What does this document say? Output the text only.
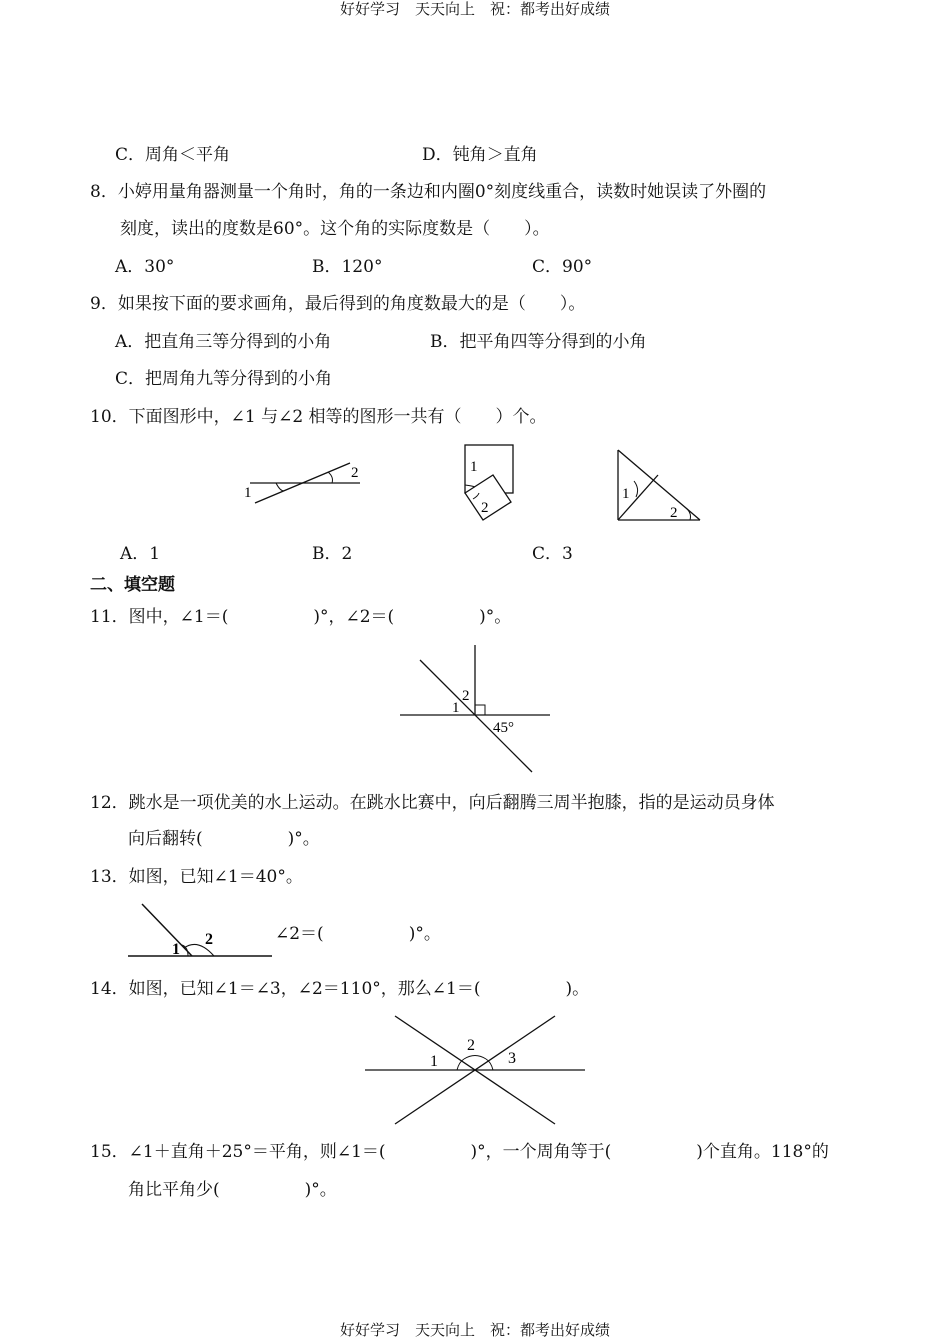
好好学习　天天向上　祝：都考出好成绩
C．周角＜平角	D．钝角＞直角
8．小婷用量角器测量一个角时，角的一条边和内圈0°刻度线重合，读数时她误读了外圈的
刻度，读出的度数是60°。这个角的实际度数是（　　）。
A．30°	B．120°	C．90°
9．如果按下面的要求画角，最后得到的角度数最大的是（　　）。
A．把直角三等分得到的小角	B．把平角四等分得到的小角
C．把周角九等分得到的小角
10．下面图形中，∠1 与∠2 相等的图形一共有（　　）个。
1
2	1
2
1
2
A．1	B．2	C．3
二、填空题
11．图中，∠1＝(　　　　　)°，∠2＝(　　　　　)°。
1
2
45°
12．跳水是一项优美的水上运动。在跳水比赛中，向后翻腾三周半抱膝，指的是运动员身体
向后翻转(　　　　　)°。
13．如图，已知∠1＝40°。
1
2	∠2＝(　　　　　)°。
14．如图，已知∠1＝∠3，∠2＝110°，那么∠1＝(　　　　　)。
1
2
3
15．∠1＋直角＋25°＝平角，则∠1＝(　　　　　)°，一个周角等于(　　　　　)个直角。118°的
角比平角少(　　　　　)°。
好好学习　天天向上　祝：都考出好成绩
